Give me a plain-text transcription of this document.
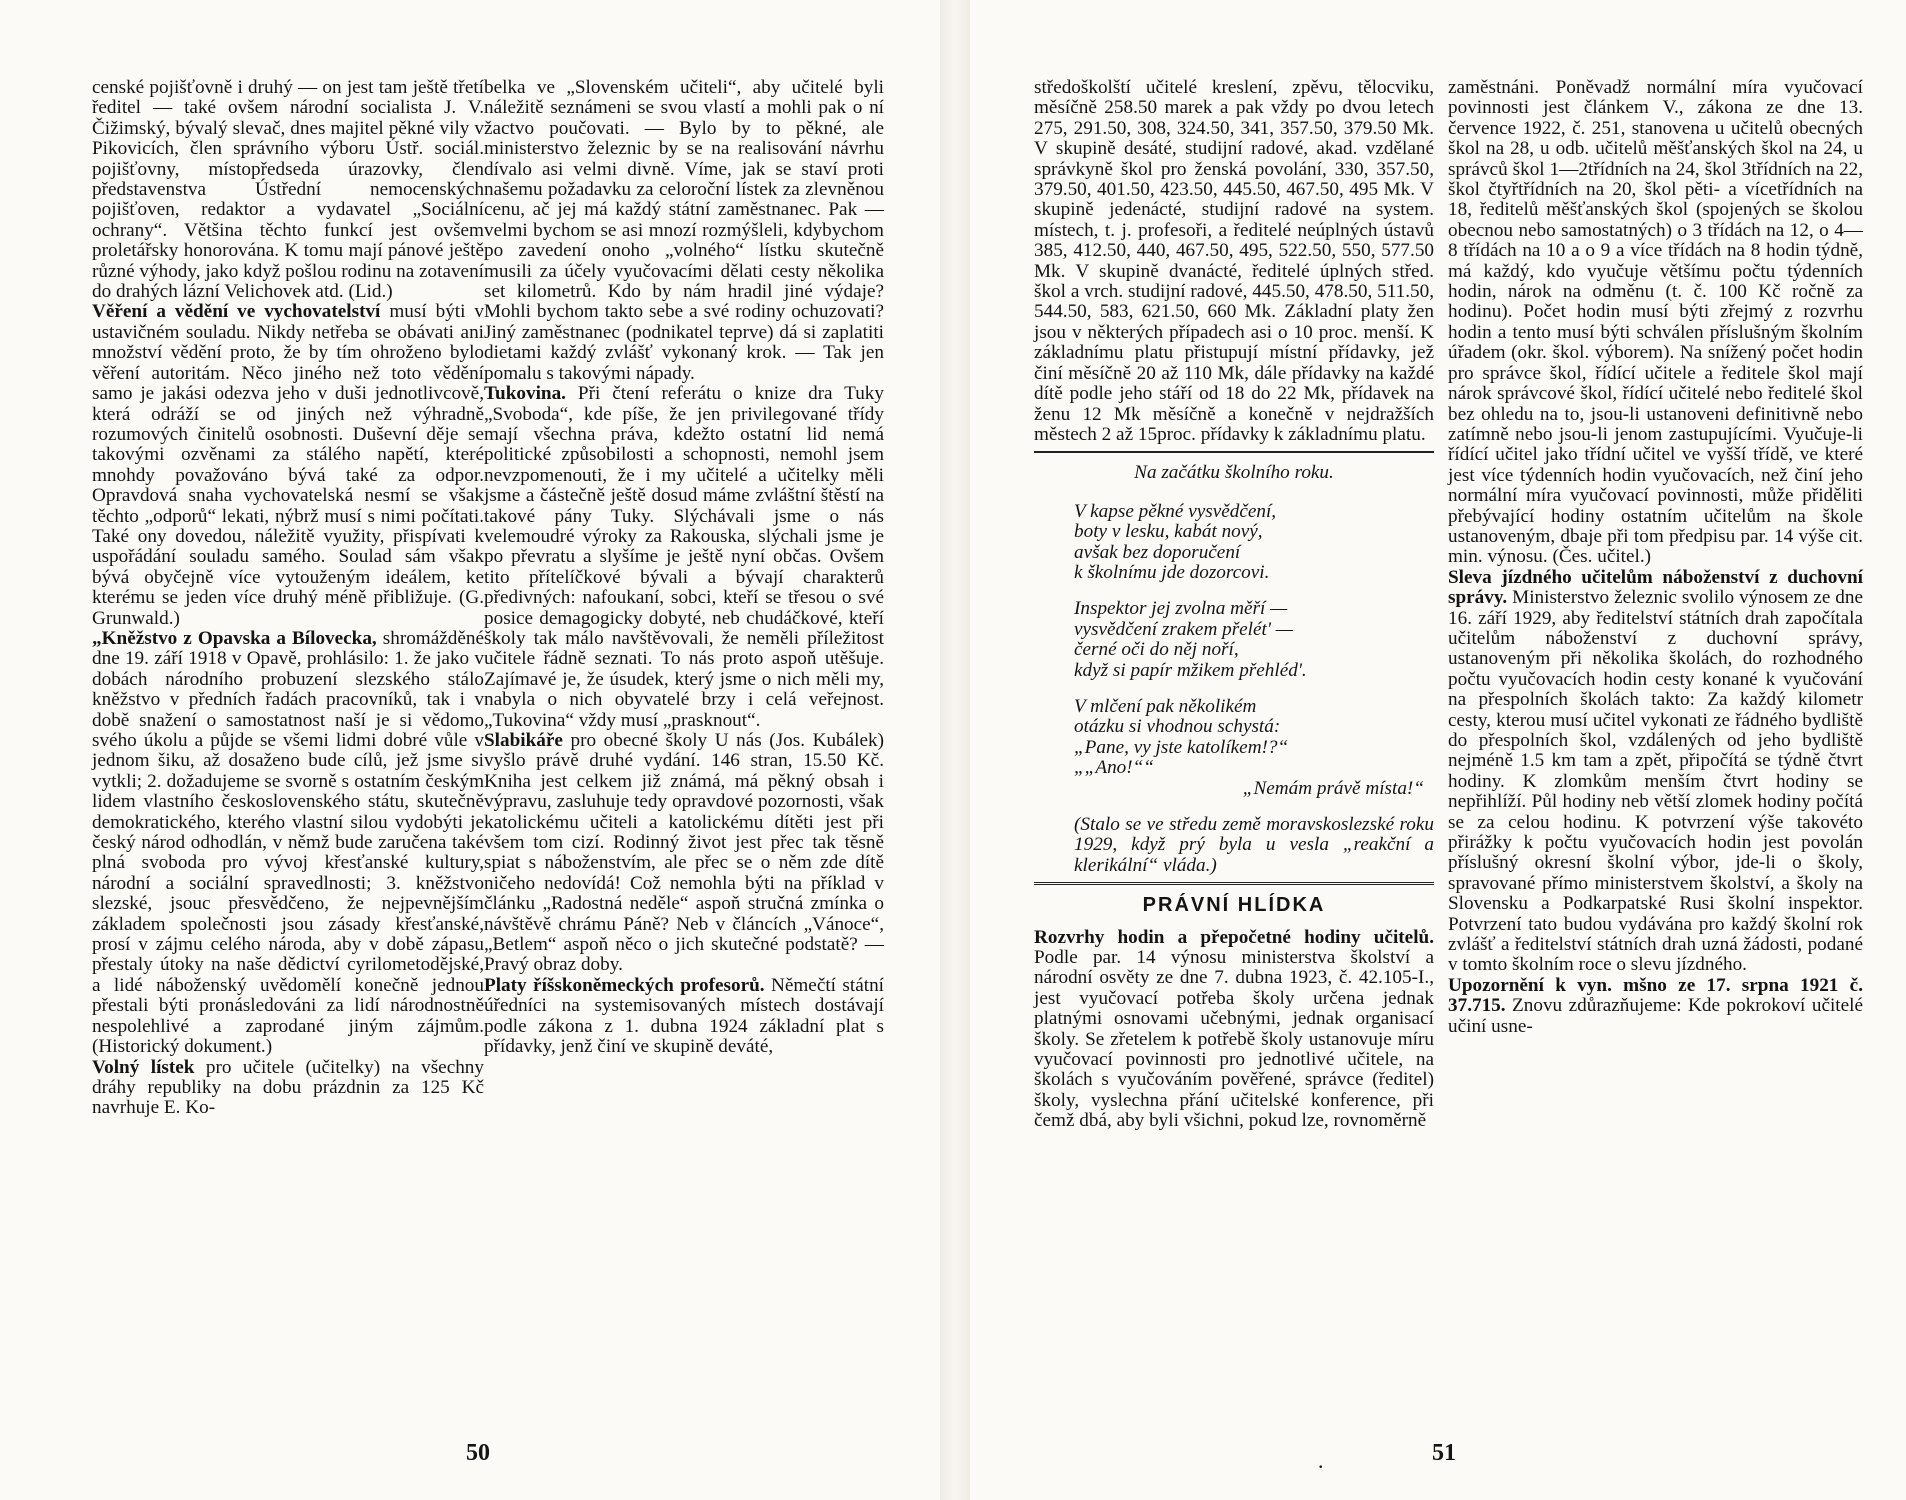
censké pojišťovně i druhý — on jest tam ještě třetí ředitel — také ovšem národní socialista J. V. Čižimský, bývalý slevač, dnes majitel pěkné vily v Pikovicích, člen správního výboru Ústř. sociál. pojišťovny, místopředseda úrazovky, člen představenstva Ústřední nemocenských pojišťoven, redaktor a vydavatel „Sociální ochrany“. Většina těchto funkcí jest ovšem proletářsky honorována. K tomu mají pánové ještě různé výhody, jako když pošlou rodinu na zotavení do drahých lázní Velichovek atd. (Lid.)

Věření a vědění ve vychovatelství musí býti v ustavičném souladu. Nikdy netřeba se obávati ani množství vědění proto, že by tím ohroženo bylo věření autoritám. Něco jiného než toto vědění samo je jakási odezva jeho v duši jednotlivcově, která odráží se od jiných než výhradně rozumových činitelů osobnosti. Duševní děje se takovými ozvěnami za stálého napětí, které mnohdy považováno bývá také za odpor. Opravdová snaha vychovatelská nesmí se však těchto „odporů“ lekati, nýbrž musí s nimi počítati. Také ony dovedou, náležitě využity, přispívati k uspořádání souladu samého. Soulad sám však bývá obyčejně více vytouženým ideálem, ke kterému se jeden více druhý méně přibližuje. (G. Grunwald.)

„Kněžstvo z Opavska a Bílovecka, shromážděné dne 19. září 1918 v Opavě, prohlásilo: 1. že jako v dobách národního probuzení slezského stálo kněžstvo v předních řadách pracovníků, tak i v době snažení o samostatnost naší je si vědomo svého úkolu a půjde se všemi lidmi dobré vůle v jednom šiku, až dosaženo bude cílů, jež jsme si vytkli; 2. dožadujeme se svorně s ostatním českým lidem vlastního československého státu, skutečně demokratického, kterého vlastní silou vydobýti je český národ odhodlán, v němž bude zaručena také plná svoboda pro vývoj křesťanské kultury, národní a sociální spravedlnosti; 3. kněžstvo slezské, jsouc přesvědčeno, že nejpevnějším základem společnosti jsou zásady křesťanské, prosí v zájmu celého národa, aby v době zápasu přestaly útoky na naše dědictví cyrilometodějské, a lidé náboženský uvědomělí konečně jednou přestali býti pronásledováni za lidí národnostně nespolehlivé a zaprodané jiným zájmům. (Historický dokument.)

Volný lístek pro učitele (učitelky) na všechny dráhy republiky na dobu prázdnin za 125 Kč navrhuje E. Ko-

belka ve „Slovenském učiteli“, aby učitelé byli náležitě seznámeni se svou vlastí a mohli pak o ní žactvo poučovati. — Bylo by to pěkné, ale ministerstvo železnic by se na realisování návrhu dívalo asi velmi divně. Víme, jak se staví proti našemu požadavku za celoroční lístek za zlevněnou cenu, ač jej má každý státní zaměstnanec. Pak — velmi bychom se asi mnozí rozmýšleli, kdybychom po zavedení onoho „volného“ lístku skutečně musili za účely vyučovacími dělati cesty několika set kilometrů. Kdo by nám hradil jiné výdaje? Mohli bychom takto sebe a své rodiny ochuzovati? Jiný zaměstnanec (podnikatel teprve) dá si zaplatiti dietami každý zvlášť vykonaný krok. — Tak jen pomalu s takovými nápady.

Tukovina. Při čtení referátu o knize dra Tuky „Svoboda“, kde píše, že jen privilegované třídy mají všechna práva, kdežto ostatní lid nemá politické způsobilosti a schopnosti, nemohl jsem nevzpomenouti, že i my učitelé a učitelky měli jsme a částečně ještě dosud máme zvláštní štěstí na takové pány Tuky. Slýchávali jsme o nás velemoudré výroky za Rakouska, slýchali jsme je po převratu a slyšíme je ještě nyní občas. Ovšem tito přítelíčkové bývali a bývají charakterů předivných: nafoukaní, sobci, kteří se třesou o své posice demagogicky dobyté, neb chudáčkové, kteří školy tak málo navštěvovali, že neměli příležitost učitele řádně seznati. To nás proto aspoň utěšuje. Zajímavé je, že úsudek, který jsme o nich měli my, nabyla o nich obyvatelé brzy i celá veřejnost. „Tukovina“ vždy musí „prasknout“.

Slabikáře pro obecné školy U nás (Jos. Kubálek) vyšlo právě druhé vydání. 146 stran, 15.50 Kč. Kniha jest celkem již známá, má pěkný obsah i výpravu, zasluhuje tedy opravdové pozornosti, však katolickému učiteli a katolickému dítěti jest při všem tom cizí. Rodinný život jest přec tak těsně spiat s náboženstvím, ale přec se o něm zde dítě ničeho nedovídá! Což nemohla býti na příklad v článku „Radostná neděle“ aspoň stručná zmínka o návštěvě chrámu Páně? Neb v článcích „Vánoce“, „Betlem“ aspoň něco o jich skutečné podstatě? — Pravý obraz doby.

Platy říšskoněmeckých profesorů. Němečtí státní úředníci na systemisovaných místech dostávají podle zákona z 1. dubna 1924 základní plat s přídavky, jenž činí ve skupině deváté,

50

středoškolští učitelé kreslení, zpěvu, tělocviku, měsíčně 258.50 marek a pak vždy po dvou letech 275, 291.50, 308, 324.50, 341, 357.50, 379.50 Mk. V skupině desáté, studijní radové, akad. vzdělané správkyně škol pro ženská povolání, 330, 357.50, 379.50, 401.50, 423.50, 445.50, 467.50, 495 Mk. V skupině jedenácté, studijní radové na system. místech, t. j. profesoři, a ředitelé neúplných ústavů 385, 412.50, 440, 467.50, 495, 522.50, 550, 577.50 Mk. V skupině dvanácté, ředitelé úplných střed. škol a vrch. studijní radové, 445.50, 478.50, 511.50, 544.50, 583, 621.50, 660 Mk. Základní platy žen jsou v některých případech asi o 10 proc. menší. K základnímu platu přistupují místní přídavky, jež činí měsíčně 20 až 110 Mk, dále přídavky na každé dítě podle jeho stáří od 18 do 22 Mk, přídavek na ženu 12 Mk měsíčně a konečně v nejdražších městech 2 až 15proc. přídavky k základnímu platu.

Na začátku školního roku.
V kapse pěkné vysvědčení,
boty v lesku, kabát nový,
avšak bez doporučení
k školnímu jde dozorcovi.
Inspektor jej zvolna měří —
vysvědčení zrakem přelét' —
černé oči do něj noří,
když si papír mžikem přehléd'.
V mlčení pak několikém
otázku si vhodnou schystá:
„Pane, vy jste katolíkem!?“
„„Ano!““
„Nemám právě místa!“
(Stalo se ve středu země moravskoslezské roku 1929, když prý byla u vesla „reakční a klerikální“ vláda.)
PRÁVNÍ HLÍDKA

Rozvrhy hodin a přepočetné hodiny učitelů. Podle par. 14 výnosu ministerstva školství a národní osvěty ze dne 7. dubna 1923, č. 42.105-I., jest vyučovací potřeba školy určena jednak platnými osnovami učebnými, jednak organisací školy. Se zřetelem k potřebě školy ustanovuje míru vyučovací povinnosti pro jednotlivé učitele, na školách s vyučováním pověřené, správce (ředitel) školy, vyslechna přání učitelské konference, při čemž dbá, aby byli všichni, pokud lze, rovnoměrně

zaměstnáni. Poněvadž normální míra vyučovací povinnosti jest článkem V., zákona ze dne 13. července 1922, č. 251, stanovena u učitelů obecných škol na 28, u odb. učitelů měšťanských škol na 24, u správců škol 1—2třídních na 24, škol 3třídních na 22, škol čtyřtřídních na 20, škol pěti- a vícetřídních na 18, ředitelů měšťanských škol (spojených se školou obecnou nebo samostatných) o 3 třídách na 12, o 4—8 třídách na 10 a o 9 a více třídách na 8 hodin týdně, má každý, kdo vyučuje většímu počtu týdenních hodin, nárok na odměnu (t. č. 100 Kč ročně za hodinu). Počet hodin musí býti zřejmý z rozvrhu hodin a tento musí býti schválen příslušným školním úřadem (okr. škol. výborem). Na snížený počet hodin pro správce škol, řídící učitele a ředitele škol mají nárok správcové škol, řídící učitelé nebo ředitelé škol bez ohledu na to, jsou-li ustanoveni definitivně nebo zatímně nebo jsou-li jenom zastupujícími. Vyučuje-li řídící učitel jako třídní učitel ve vyšší třídě, ve které jest více týdenních hodin vyučovacích, než činí jeho normální míra vyučovací povinnosti, může přiděliti přebývající hodiny ostatním učitelům na škole ustanoveným, dbaje při tom předpisu par. 14 výše cit. min. výnosu. (Čes. učitel.)

Sleva jízdného učitelům náboženství z duchovní správy. Ministerstvo železnic svolilo výnosem ze dne 16. září 1929, aby ředitelství státních drah započítala učitelům náboženství z duchovní správy, ustanoveným při několika školách, do rozhodného počtu vyučovacích hodin cesty konané k vyučování na přespolních školách takto: Za každý kilometr cesty, kterou musí učitel vykonati ze řádného bydliště do přespolních škol, vzdálených od jeho bydliště nejméně 1.5 km tam a zpět, připočítá se týdně čtvrt hodiny. K zlomkům menším čtvrt hodiny se nepřihlíží. Půl hodiny neb větší zlomek hodiny počítá se za celou hodinu. K potvrzení výše takovéto přirážky k počtu vyučovacích hodin jest povolán příslušný okresní školní výbor, jde-li o školy, spravované přímo ministerstvem školství, a školy na Slovensku a Podkarpatské Rusi školní inspektor. Potvrzení tato budou vydávána pro každý školní rok zvlášť a ředitelství státních drah uzná žádosti, podané v tomto školním roce o slevu jízdného.

Upozornění k vyn. mšno ze 17. srpna 1921 č. 37.715. Znovu zdůrazňujeme: Kde pokrokoví učitelé učiní usne-

.	51
